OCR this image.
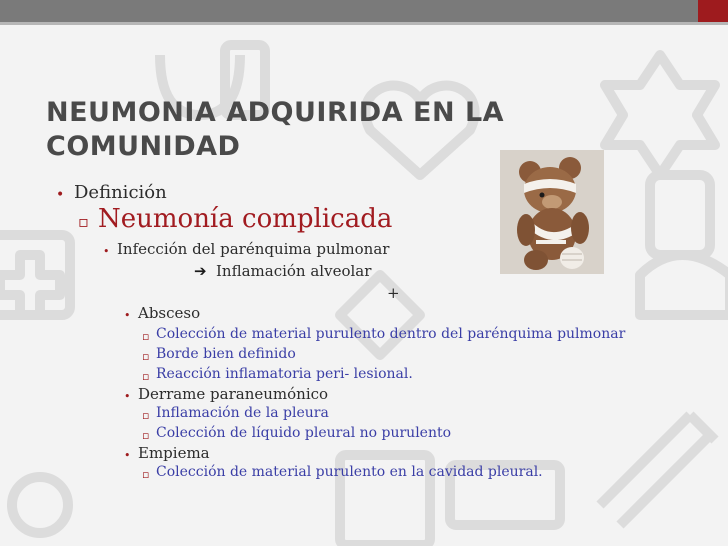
NEUMONIA ADQUIRIDA EN LA COMUNIDAD
• Definición
▫ Neumonía complicada
• Infección del parénquima pulmonar
➔ Inflamación alveolar
+
• Absceso
▫ Colección de material purulento dentro del parénquima pulmonar
▫ Borde bien definido
▫ Reacción inflamatoria peri- lesional.
• Derrame paraneumónico
▫ Inflamación de la pleura
▫ Colección de líquido pleural no purulento
• Empiema
▫ Colección de material purulento en la cavidad pleural.
